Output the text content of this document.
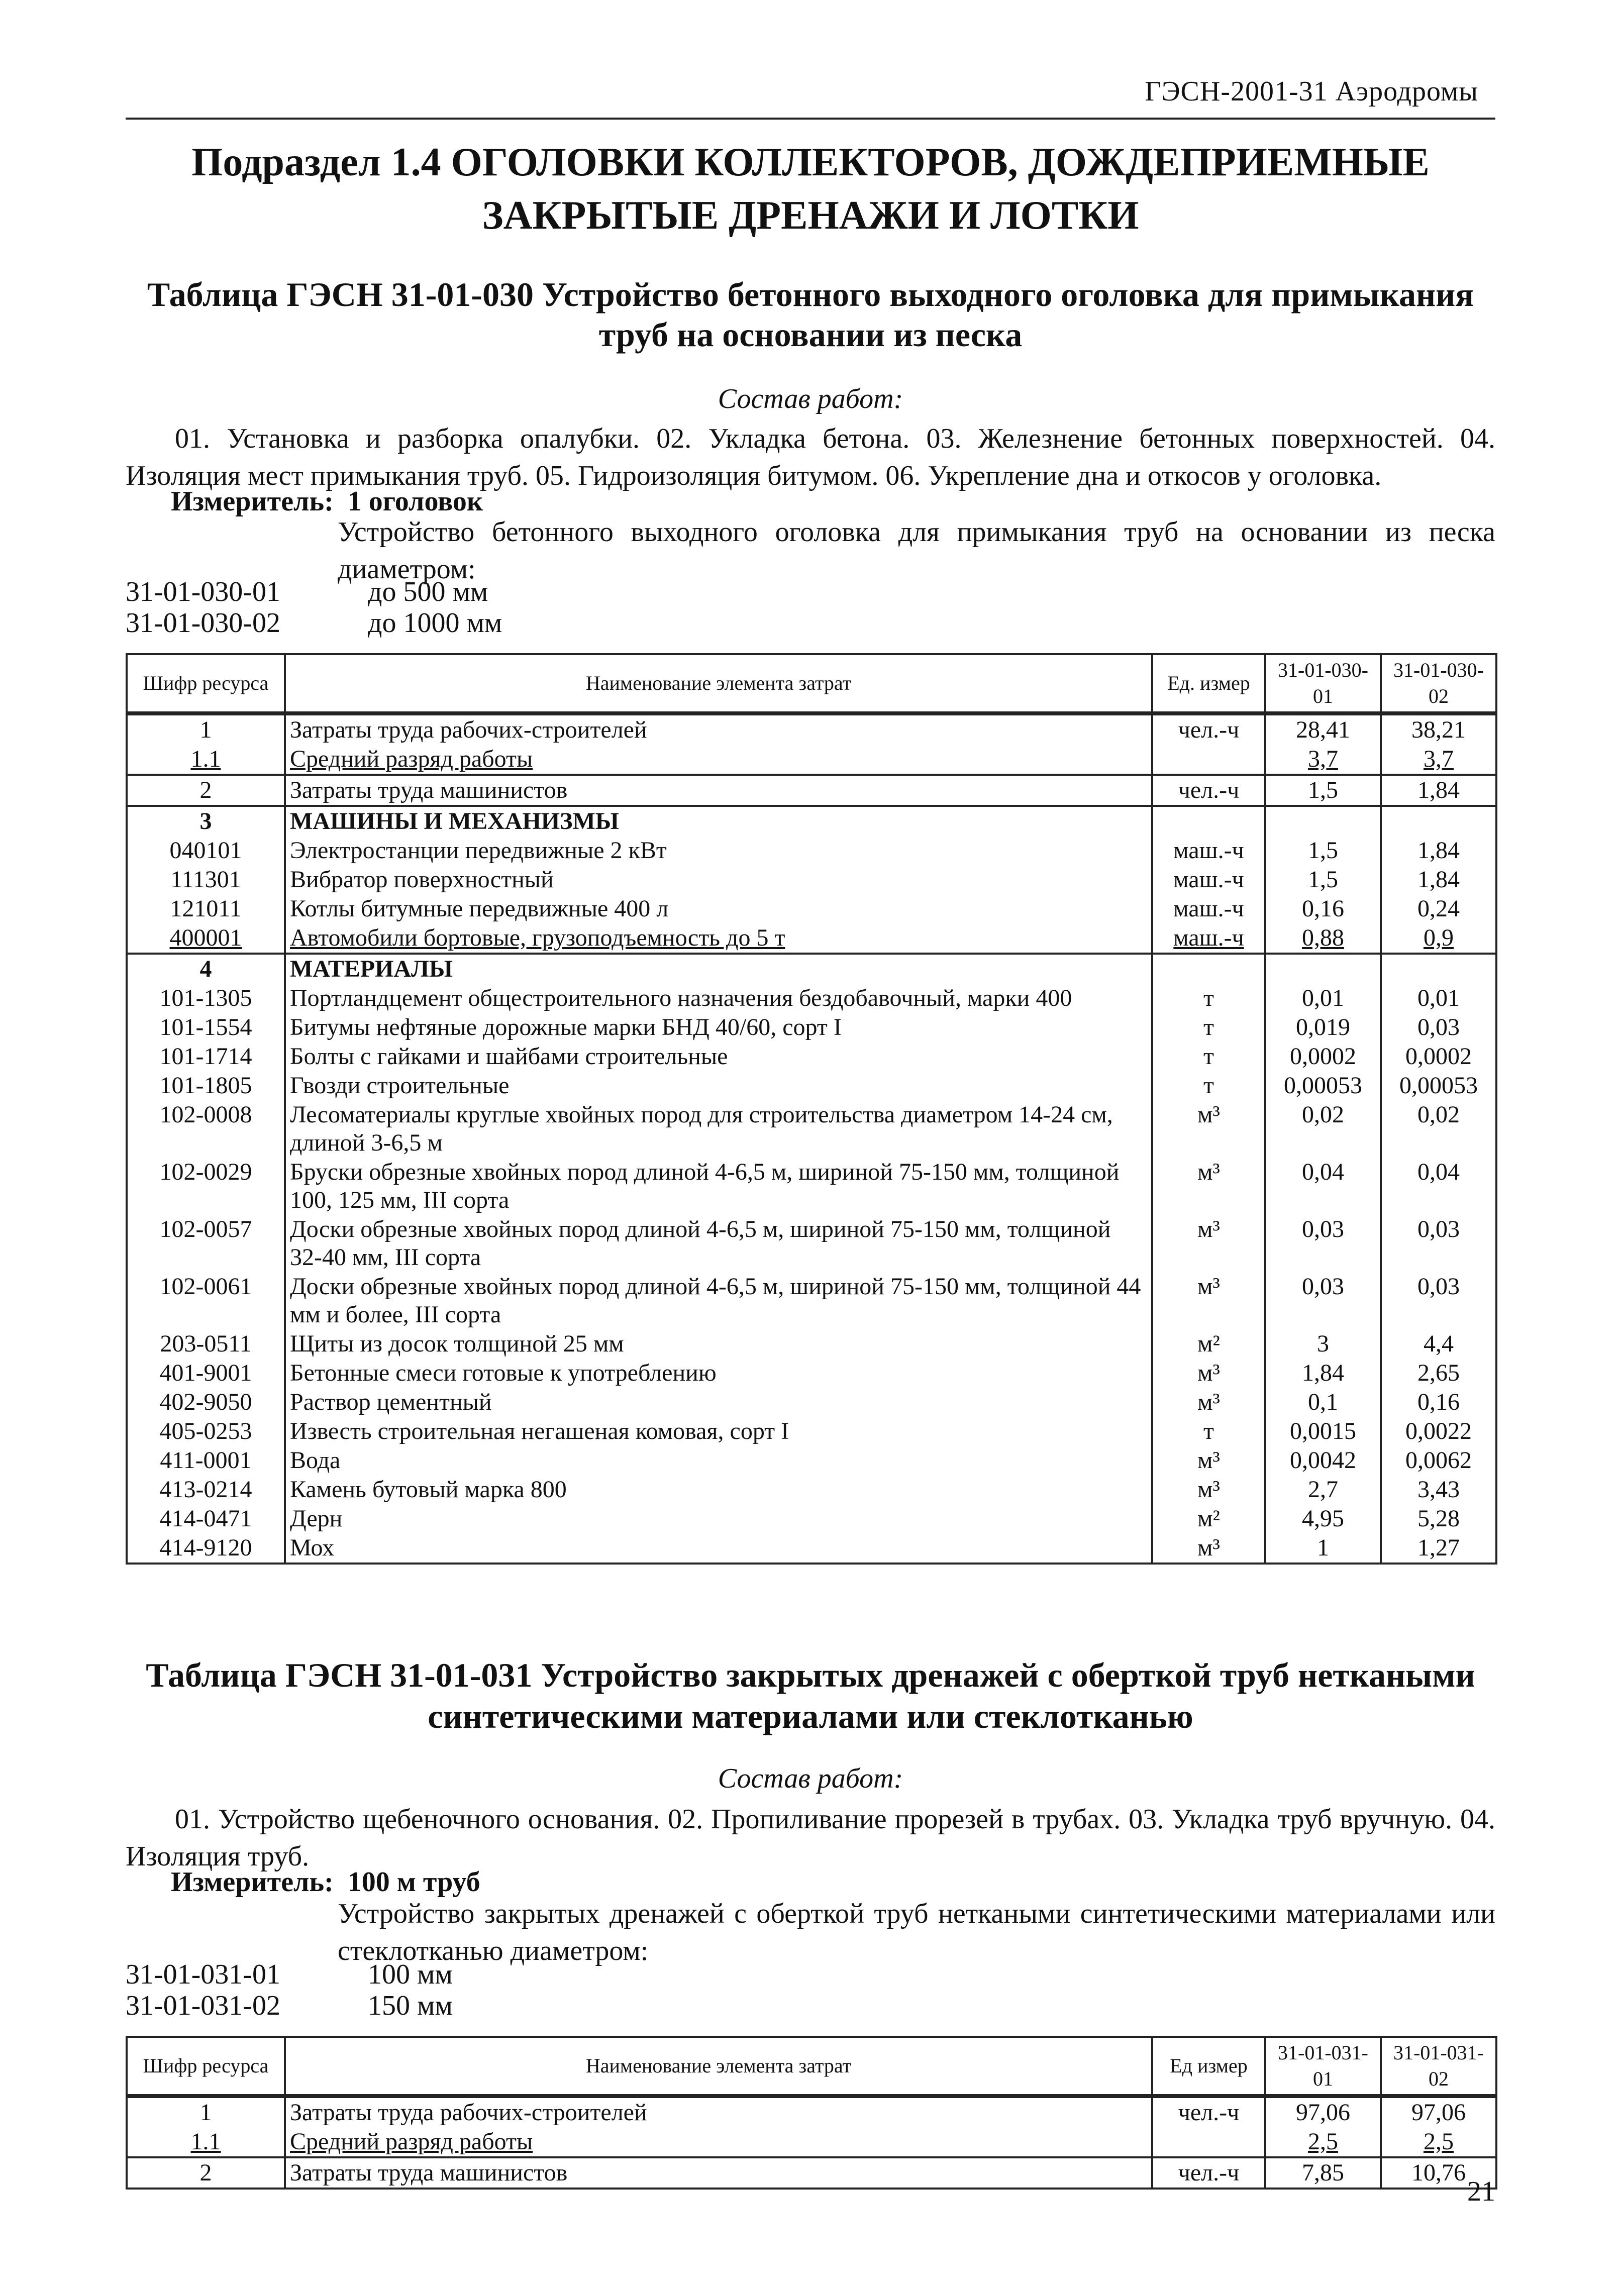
ГЭСН-2001-31 Аэродромы
Подраздел 1.4 ОГОЛОВКИ КОЛЛЕКТОРОВ, ДОЖДЕПРИЕМНЫЕ
ЗАКРЫТЫЕ ДРЕНАЖИ И ЛОТКИ
Таблица ГЭСН 31-01-030 Устройство бетонного выходного оголовка для примыкания
труб на основании из песка
Состав работ:
01. Установка и разборка опалубки. 02. Укладка бетона. 03. Железнение бетонных поверхностей. 04. Изоляция мест примыкания труб. 05. Гидроизоляция битумом. 06. Укрепление дна и откосов у оголовка.
Измеритель: 1 оголовок
Устройство бетонного выходного оголовка для примыкания труб на основании из песка диаметром:
31-01-030-01	до 500 мм
31-01-030-02	до 1000 мм
Шифр ресурса	Наименование элемента затрат	Ед. измер	31-01-030-01	31-01-030-02
1	Затраты труда рабочих-строителей	чел.-ч	28,41	38,21
1.1	Средний разряд работы		3,7	3,7
2	Затраты труда машинистов	чел.-ч	1,5	1,84
3	МАШИНЫ И МЕХАНИЗМЫ			
040101	Электростанции передвижные 2 кВт	маш.-ч	1,5	1,84
111301	Вибратор поверхностный	маш.-ч	1,5	1,84
121011	Котлы битумные передвижные 400 л	маш.-ч	0,16	0,24
400001	Автомобили бортовые, грузоподъемность до 5 т	маш.-ч	0,88	0,9
4	МАТЕРИАЛЫ			
101-1305	Портландцемент общестроительного назначения бездобавочный, марки 400	т	0,01	0,01
101-1554	Битумы нефтяные дорожные марки БНД 40/60, сорт I	т	0,019	0,03
101-1714	Болты с гайками и шайбами строительные	т	0,0002	0,0002
101-1805	Гвозди строительные	т	0,00053	0,00053
102-0008	Лесоматериалы круглые хвойных пород для строительства диаметром 14-24 см, длиной 3-6,5 м	м³	0,02	0,02
102-0029	Бруски обрезные хвойных пород длиной 4-6,5 м, шириной 75-150 мм, толщиной 100, 125 мм, III сорта	м³	0,04	0,04
102-0057	Доски обрезные хвойных пород длиной 4-6,5 м, шириной 75-150 мм, толщиной 32-40 мм, III сорта	м³	0,03	0,03
102-0061	Доски обрезные хвойных пород длиной 4-6,5 м, шириной 75-150 мм, толщиной 44 мм и более, III сорта	м³	0,03	0,03
203-0511	Щиты из досок толщиной 25 мм	м²	3	4,4
401-9001	Бетонные смеси готовые к употреблению	м³	1,84	2,65
402-9050	Раствор цементный	м³	0,1	0,16
405-0253	Известь строительная негашеная комовая, сорт I	т	0,0015	0,0022
411-0001	Вода	м³	0,0042	0,0062
413-0214	Камень бутовый марка 800	м³	2,7	3,43
414-0471	Дерн	м²	4,95	5,28
414-9120	Мох	м³	1	1,27
Таблица ГЭСН 31-01-031 Устройство закрытых дренажей с оберткой труб неткаными
синтетическими материалами или стеклотканью
Состав работ:
01. Устройство щебеночного основания. 02. Пропиливание прорезей в трубах. 03. Укладка труб вручную. 04. Изоляция труб.
Измеритель: 100 м труб
Устройство закрытых дренажей с оберткой труб неткаными синтетическими материалами или стеклотканью диаметром:
31-01-031-01	100 мм
31-01-031-02	150 мм
Шифр ресурса	Наименование элемента затрат	Ед измер	31-01-031-01	31-01-031-02
1	Затраты труда рабочих-строителей	чел.-ч	97,06	97,06
1.1	Средний разряд работы		2,5	2,5
2	Затраты труда машинистов	чел.-ч	7,85	10,76
21
